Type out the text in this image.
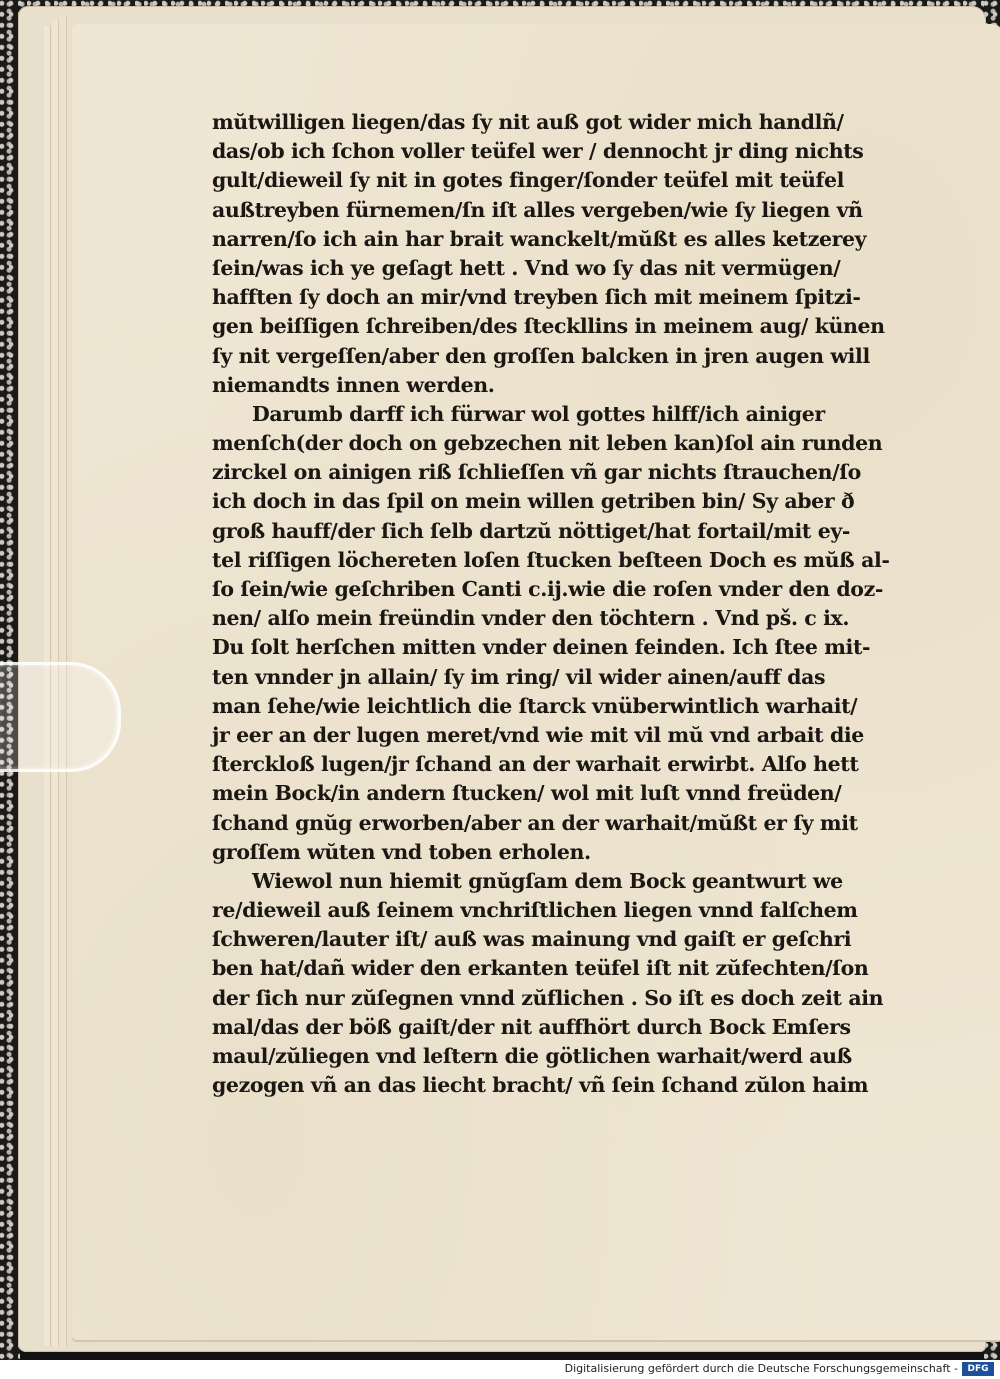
mŭtwilligen liegen/das ſy nit auß got wider mich handlñ/
das/ob ich ſchon voller teüfel wer / dennocht jr ding nichts
gult/dieweil ſy nit in gotes finger/ſonder teüfel mit teüfel
außtreyben fürnemen/ſn iſt alles vergeben/wie ſy liegen vñ
narren/ſo ich ain har brait wanckelt/mŭßt es alles ketzerey
ſein/was ich ye geſagt hett . Vnd wo ſy das nit vermügen/
hafften ſy doch an mir/vnd treyben ſich mit meinem ſpitzi-
gen beiſſigen ſchreiben/des ſteckllins in meinem aug/ künen
ſy nit vergeſſen/aber den groſſen balcken in jren augen will
niemandts innen werden.
Darumb darff ich fürwar wol gottes hilff/ich ainiger
menſch(der doch on gebzechen nit leben kan)ſol ain runden
zirckel on ainigen riß ſchlieſſen vñ gar nichts ſtrauchen/ſo
ich doch in das ſpil on mein willen getriben bin/ Sy aber ð
groß hauff/der ſich ſelb dartzŭ nöttiget/hat fortail/mit ey-
tel riſſigen löchereten loſen ſtucken beſteen Doch es mŭß al-
ſo ſein/wie geſchriben Canti c.ij.wie die roſen vnder den doz-
nen/ alſo mein freündin vnder den töchtern . Vnd pš. c ix.
Du ſolt herſchen mitten vnder deinen feinden. Ich ſtee mit-
ten vnnder jn allain/ ſy im ring/ vil wider ainen/auff das
man ſehe/wie leichtlich die ſtarck vnüberwintlich warhait/
jr eer an der lugen meret/vnd wie mit vil mŭ vnd arbait die
ſterckloß lugen/jr ſchand an der warhait erwirbt. Alſo hett
mein Bock/in andern ſtucken/ wol mit luſt vnnd freüden/
ſchand gnŭg erworben/aber an der warhait/mŭßt er ſy mit
groſſem wŭten vnd toben erholen.
Wiewol nun hiemit gnŭgſam dem Bock geantwurt we
re/dieweil auß ſeinem vnchriſtlichen liegen vnnd falſchem
ſchweren/lauter iſt/ auß was mainung vnd gaiſt er geſchri
ben hat/dañ wider den erkanten teüfel iſt nit zŭfechten/ſon
der ſich nur zŭſegnen vnnd zŭflichen . So iſt es doch zeit ain
mal/das der böß gaiſt/der nit auffhört durch Bock Emſers
maul/zŭliegen vnd leſtern die götlichen warhait/werd auß
gezogen vñ an das liecht bracht/ vñ ſein ſchand zŭlon haim
Digitalisierung gefördert durch die Deutsche Forschungsgemeinschaft -	DFG
